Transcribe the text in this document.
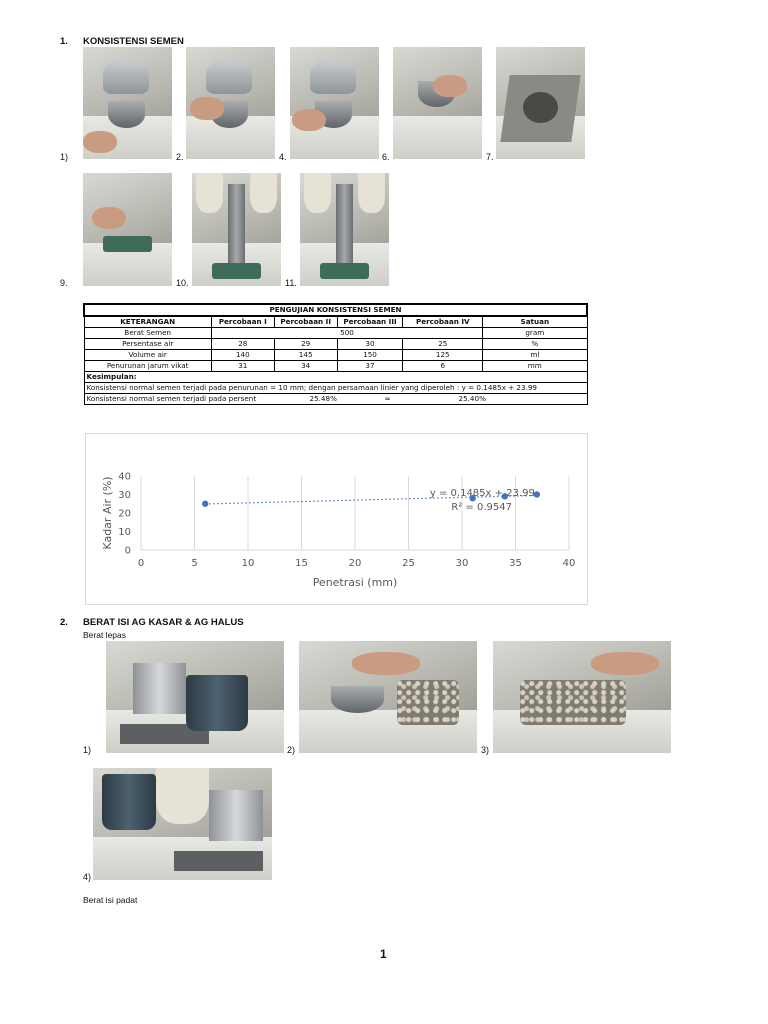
1. KONSISTENSI SEMEN
1)	2.	4.	6.	7.
9.	10.	11.
PENGUJIAN KONSISTENSI SEMEN					
KETERANGAN	Percobaan I	Percobaan II	Percobaan III	Percobaan IV	Satuan
Berat Semen	500				gram
Persentase air	28	29	30	25	%
Volume air	140	145	150	125	ml
Penurunan jarum vikat	31	34	37	6	mm
Kesimpulan:					
Konsistensi normal semen terjadi pada penurunan = 10 mm; dengan persamaan linier yang diperoleh : y = 0.1485x + 23.99					
Konsistensi normal semen terjadi pada persent 25.48% ≈ 25.40%					
0	5	10	15	20	25	30	35	40
0
10
20
30
40
y = 0.1485x + 23.99
R² = 0.9547
Penetrasi (mm)
Kadar Air (%)
2. BERAT ISI AG KASAR & AG HALUS
Berat lepas
1)	2)	3)
4)
Berat isi padat
1
